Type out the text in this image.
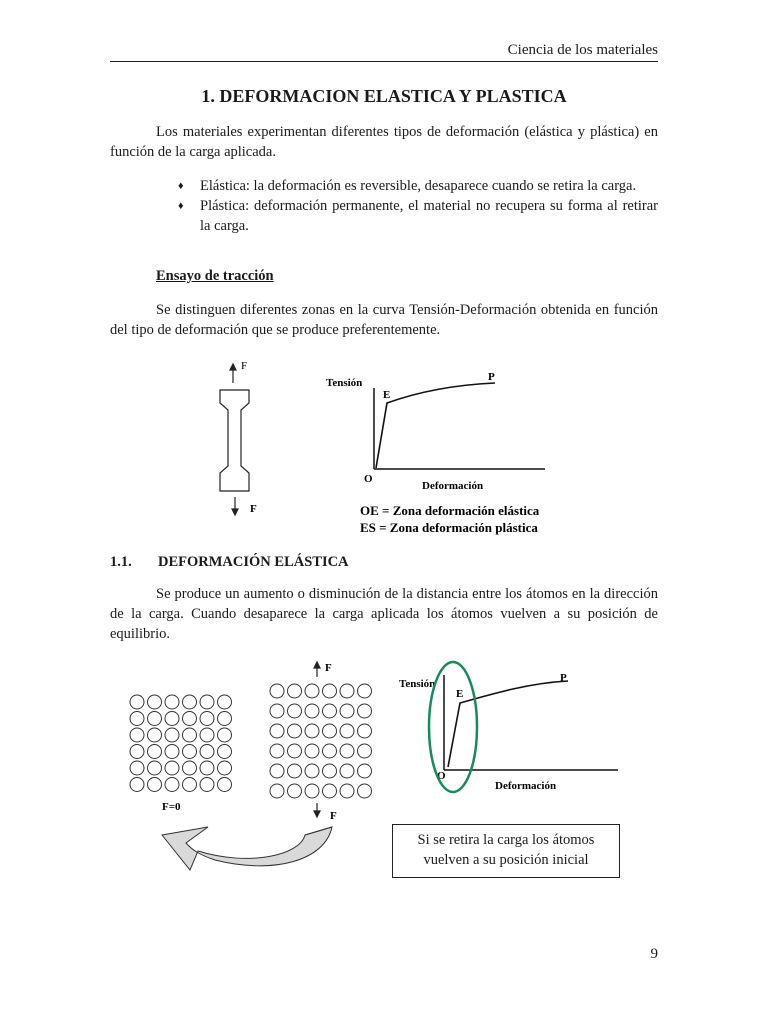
Ciencia de los materiales
1. DEFORMACION ELASTICA Y PLASTICA
Los materiales experimentan diferentes tipos de deformación (elástica y plástica) en función de la carga aplicada.
♦ Elástica: la deformación es reversible, desaparece cuando se retira la carga.
♦ Plástica: deformación permanente, el material no recupera su forma al retirar la carga.
Ensayo de tracción
Se distinguen diferentes zonas en la curva Tensión-Deformación obtenida en función del tipo de deformación que se produce preferentemente.
F
F
Tensión
E
P
O
Deformación
OE = Zona deformación elástica
ES = Zona deformación plástica
1.1. DEFORMACIÓN ELÁSTICA
Se produce un aumento o disminución de la distancia entre los átomos en la dirección de la carga. Cuando desaparece la carga aplicada los átomos vuelven a su posición de equilibrio.
F=0
F
F
Tensión
E
P
O
Deformación
Si se retira la carga los átomos vuelven a su posición inicial
9
